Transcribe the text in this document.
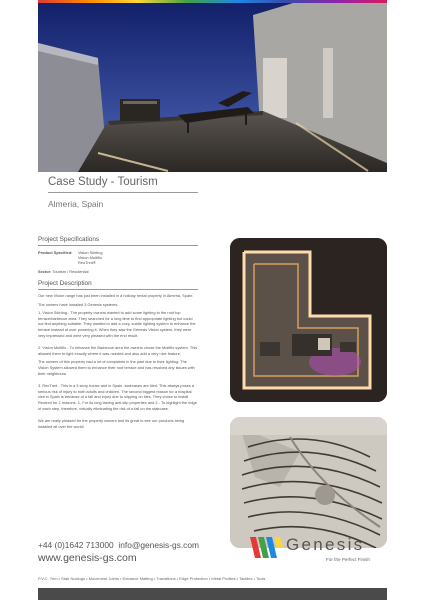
Case Study - Tourism
Almeria, Spain
Project Specifications
Product Specified:	Vision Skirting
Vision Multiflo
ReoTred®
Sector: Tourism / Residential
Project Description

Our new Vision range has just been installed in a holiday rental property in Almeria, Spain.

The owners have installed 3 Genesis systems:

1. Vision Skirting - The property owners wanted to add some lighting to the roof top terrace/barbecue area. They searched for a long time to find appropriate lighting but could not find anything suitable. They wanted to add a cozy, subtle lighting system to enhance the terrace instead of over powering it. When they saw the Genesis Vision system, they were very impressed and were very pleased with the end result.

2. Vision Multiflo - To enhance the Barbecue area the owners chose the Multiflo system. This allowed them to light exactly where it was needed and also add a very nice feature.

The owners of this property had a lot of complaints in the past due to their lighting. The Vision System allowed them to enhance their roof terrace and has resolved any issues with their neighbours.

3. ReoTred - This is a 3 story house and in Spain, staircases are tiled. This always poses a serious risk of injury to both adults and children. The second biggest reason for a hospital visit in Spain is because of a fall and injury due to slipping on tiles. They chose to install Reotred for 2 reasons. 1- For its long lasting anti-slip properties and 2 - To highlight the edge of each step, therefore, virtually eliminating the risk of a fall on the staircase.

We are really pleased for the property owners and its great to see our products being installed all over the world!

+44 (0)1642 713000 info@genesis-gs.com
www.genesis-gs.com
Genesis
For the Perfect Finish
P.V.C. Trim • Stair Nosings • Movement Joints • Entrance Matting • Transitions • Edge Protection • Metal Profiles • Tactiles • Tools
